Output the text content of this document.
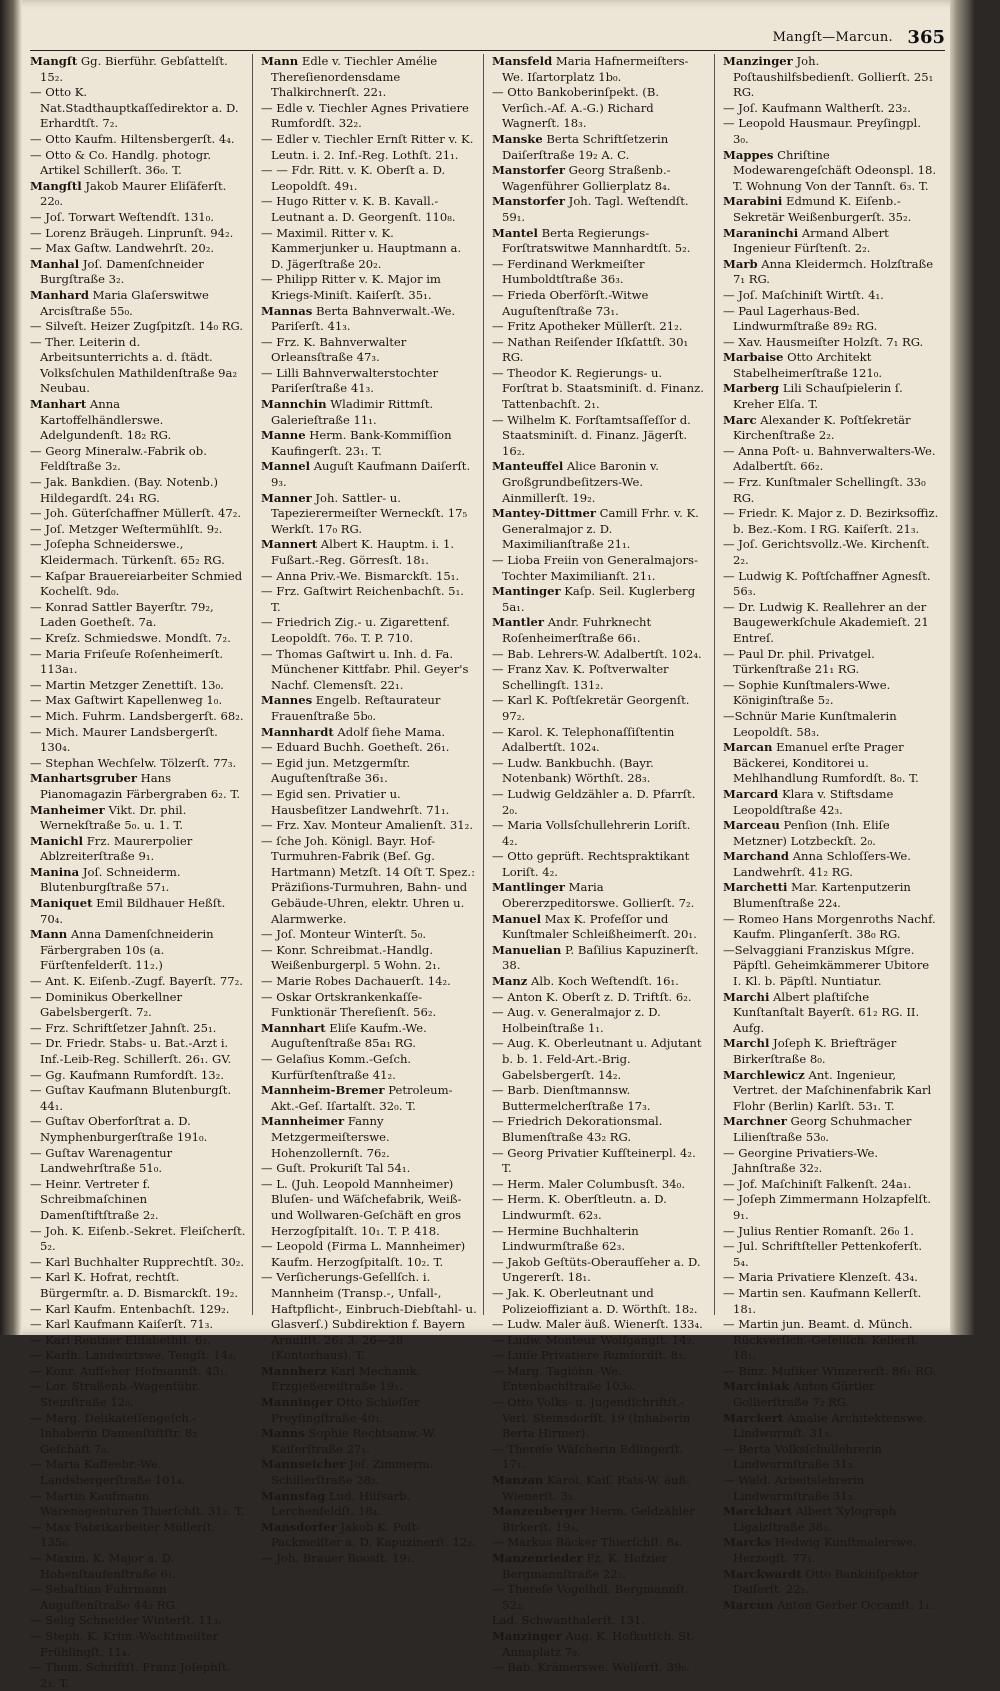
Mangſt—Marcun. 365

Mangſt Gg. Bierführ. Gebſattelſt. 15₂.

— Otto K. Nat.Stadthauptkaſſedirektor a. D. Erhardtſt. 7₂.

— Otto Kaufm. Hiltensbergerſt. 4₄.

— Otto & Co. Handlg. photogr. Artikel Schillerſt. 36₀. T.

Mangſtl Jakob Maurer Eliſäferſt. 22₀.

— Joſ. Torwart Weſtendſt. 131₀.

— Lorenz Bräugeh. Linprunſt. 94₂.

— Max Gaſtw. Landwehrſt. 20₂.

Manhal Joſ. Damenſchneider Burgſtraße 3₂.

Manhard Maria Glaſerswitwe Arcisſtraße 55₀.

— Silveſt. Heizer Zugſpitzſt. 14₀ RG.

— Ther. Leiterin d. Arbeitsunterrichts a. d. ſtädt. Volksſchulen Mathildenſtraße 9a₂ Neubau.

Manhart Anna Kartoffelhändlerswe. Adelgundenſt. 18₂ RG.

— Georg Mineralw.-Fabrik ob. Feldſtraße 3₂.

— Jak. Bankdien. (Bay. Notenb.) Hildegardſt. 24₁ RG.

— Joh. Güterſchaffner Müllerſt. 47₂.

— Joſ. Metzger Weſtermühlſt. 9₂.

— Joſepha Schneiderswe., Kleidermach. Türkenſt. 65₂ RG.

— Kaſpar Brauereiarbeiter Schmied Kochelſt. 9d₀.

— Konrad Sattler Bayerſtr. 79₂, Laden Goetheſt. 7a.

— Kreſz. Schmiedswe. Mondſt. 7₂.

— Maria Friſeuſe Roſenheimerſt. 113a₁.

— Martin Metzger Zenettiſt. 13₀.

— Max Gaſtwirt Kapellenweg 1₀.

— Mich. Fuhrm. Landsbergerſt. 68₂.

— Mich. Maurer Landsbergerſt. 130₄.

— Stephan Wechſelw. Tölzerſt. 77₃.

Manhartsgruber Hans Pianomagazin Färbergraben 6₂. T.

Manheimer Vikt. Dr. phil. Wernekſtraße 5₀. u. 1. T.

Manichl Frz. Maurerpolier Ablzreiterſtraße 9₁.

Manina Joſ. Schneiderm. Blutenburgſtraße 57₁.

Maniquet Emil Bildhauer Heßſt. 70₄.

Mann Anna Damenſchneiderin Färbergraben 10s (a. Fürſtenfelderſt. 11₂.)

— Ant. K. Eiſenb.-Zugf. Bayerſt. 77₂.

— Dominikus Oberkellner Gabelsbergerſt. 7₂.

— Frz. Schriftſetzer Jahnſt. 25₁.

— Dr. Friedr. Stabs- u. Bat.-Arzt i. Inf.-Leib-Reg. Schillerſt. 26₁. GV.

— Gg. Kaufmann Rumfordſt. 13₂.

— Guſtav Kaufmann Blutenburgſt. 44₁.

— Guſtav Oberforſtrat a. D. Nymphenburgerſtraße 191₀.

— Guſtav Warenagentur Landwehrſtraße 51₀.

— Heinr. Vertreter f. Schreibmaſchinen Damenſtiftſtraße 2₂.

— Joh. K. Eiſenb.-Sekret. Fleiſcherſt. 5₂.

— Karl Buchhalter Rupprechtſt. 30₂.

— Karl K. Hofrat, rechtſt. Bürgermſtr. a. D. Bismarckſt. 19₂.

— Karl Kaufm. Entenbachſt. 129₂.

— Karl Kaufmann Kaiſerſt. 71₃.

— Karl Rentner Eliſabethſt. 6₂.

— Karlh. Landwirtswe. Tengſt. 14₂.

— Konr. Aufſeher Hofmannſt. 43₁.

— Lor. Straßenb.-Wagenführ. Steinſtraße 12₀.

— Marg. Delikateſſengeſch.-Inhaberin Damenſtiftſtr. 8₂ Geſchäft 7₀.

— Maria Kaffeebr.-We. Landsbergerſtraße 101₄.

— Martin Kaufmann Warenagenturen Thierſchſt. 31₂. T.

— Max Fabrikarbeiter Müllerſt. 135₀.

— Maxim. K. Major a. D. Hohenſtaufenſtraße 6₁.

— Sebaſtian Fuhrmann Auguſtenſtraße 44₂ RG.

— Selig Schneider Winterſt. 11₃.

— Steph. K. Krim.-Wachtmeiſter Frühlingſt. 11₄.

— Thom. Schriftſt. Franz Joſephſt. 2₃. T.

Mann Edle v. Tiechler Amélie Thereſienordensdame Thalkirchnerſt. 22₁.

— Edle v. Tiechler Agnes Privatiere Rumfordſt. 32₂.

— Edler v. Tiechler Ernſt Ritter v. K. Leutn. i. 2. Inf.-Reg. Lothſt. 21₁.

— — Fdr. Ritt. v. K. Oberſt a. D. Leopoldſt. 49₁.

— Hugo Ritter v. K. B. Kavall.-Leutnant a. D. Georgenſt. 110₈.

— Maximil. Ritter v. K. Kammerjunker u. Hauptmann a. D. Jägerſtraße 20₂.

— Philipp Ritter v. K. Major im Kriegs-Miniſt. Kaiſerſt. 35₁.

Mannas Berta Bahnverwalt.-We. Pariſerſt. 41₃.

— Frz. K. Bahnverwalter Orleansſtraße 47₃.

— Lilli Bahnverwalterstochter Pariſerſtraße 41₃.

Mannchin Wladimir Rittmſt. Galerieſtraße 11₁.

Manne Herm. Bank-Kommiſſion Kaufingerſt. 23₁. T.

Mannel Auguſt Kaufmann Daiſerſt. 9₃.

Manner Joh. Sattler- u. Tapezierermeiſter Werneckſt. 17₅ Werkſt. 17₀ RG.

Mannert Albert K. Hauptm. i. 1. Fußart.-Reg. Görresſt. 18₁.

— Anna Priv.-We. Bismarckſt. 15₁.

— Frz. Gaſtwirt Reichenbachſt. 5₁. T.

— Friedrich Zig.- u. Zigarettenf. Leopoldſt. 76₀. T. P. 710.

— Thomas Gaſtwirt u. Inh. d. Fa. Münchener Kittfabr. Phil. Geyer's Nachf. Clemensſt. 22₁.

Mannes Engelb. Reſtaurateur Frauenſtraße 5b₀.

Mannhardt Adolf ſiehe Mama.

— Eduard Buchh. Goetheſt. 26₁.

— Egid jun. Metzgermſtr. Auguſtenſtraße 36₁.

— Egid sen. Privatier u. Hausbeſitzer Landwehrſt. 71₁.

— Frz. Xav. Monteur Amalienſt. 31₂.

— ſche Joh. Königl. Bayr. Hof-Turmuhren-Fabrik (Beſ. Gg. Hartmann) Metzſt. 14 Oſt T. Spez.: Präziſions-Turmuhren, Bahn- und Gebäude-Uhren, elektr. Uhren u. Alarmwerke.

— Joſ. Monteur Winterſt. 5₀.

— Konr. Schreibmat.-Handlg. Weißenburgerpl. 5 Wohn. 2₁.

— Marie Robes Dachauerſt. 14₂.

— Oskar Ortskrankenkaſſe-Funktionär Thereſienſt. 56₂.

Mannhart Eliſe Kaufm.-We. Auguſtenſtraße 85a₁ RG.

— Gelaſius Komm.-Geſch. Kurfürſtenſtraße 41₂.

Mannheim-Bremer Petroleum-Akt.-Geſ. Iſartalſt. 32₀. T.

Mannheimer Fanny Metzgermeiſterswe. Hohenzollernſt. 76₂.

— Guſt. Prokuriſt Tal 54₁.

— L. (Juh. Leopold Mannheimer) Bluſen- und Wäſchefabrik, Weiß- und Wollwaren-Geſchäft en gros Herzogſpitalſt. 10₁. T. P. 418.

— Leopold (Firma L. Mannheimer) Kaufm. Herzogſpitalſt. 10₂. T.

— Verſicherungs-Geſellſch. i. Mannheim (Transp.-, Unfall-, Haftpflicht-, Einbruch-Diebſtahl- u. Glasverſ.) Subdirektion f. Bayern Arnulfſt. 26₂ 3. 26—28 (Kontorhaus). T.

Mannherz Karl Mechanik. Erzgießereiſtraße 19₁.

Manninger Otto Schloſſer Preyſingſtraße 40₁.

Manns Sophie Rechtsanw.-W. Kaiſerſtraße 27₁.

Mannseicher Joſ. Zimmerm. Schillerſtraße 28₂.

Mannsfag Lud. Hilfsarb. Lerchenfeldſt. 18₄.

Mansdorfer Jakob K. Poſt-Packmeiſter a. D. Kapuzinerſt. 12₂.

— Joh. Brauer Boosſt. 19₁.

Mansfeld Maria Hafnermeiſters-We. Iſartorplatz 1b₀.

— Otto Bankoberinſpekt. (B. Verſich.-Af. A.-G.) Richard Wagnerſt. 18₃.

Manske Berta Schriftſetzerin Daiſerſtraße 19₂ A. C.

Manstorfer Georg Straßenb.-Wagenführer Gollierplatz 8₄.

Manstorfer Joh. Tagl. Weſtendſt. 59₁.

Mantel Berta Regierungs-Forſtratswitwe Mannhardtſt. 5₂.

— Ferdinand Werkmeiſter Humboldtſtraße 36₃.

— Frieda Oberförſt.-Witwe Auguſtenſtraße 73₁.

— Fritz Apotheker Müllerſt. 21₂.

— Nathan Reiſender Iſkſattſt. 30₁ RG.

— Theodor K. Regierungs- u. Forſtrat b. Staatsminiſt. d. Finanz. Tattenbachſt. 2₁.

— Wilhelm K. Forſtamtsaſſeſſor d. Staatsminiſt. d. Finanz. Jägerſt. 16₂.

Manteuffel Alice Baronin v. Großgrundbeſitzers-We. Ainmillerſt. 19₂.

Mantey-Dittmer Camill Frhr. v. K. Generalmajor z. D. Maximilianſtraße 21₁.

— Lioba Freiin von Generalmajors-Tochter Maximilianſt. 21₁.

Mantinger Kaſp. Seil. Kuglerberg 5a₁.

Mantler Andr. Fuhrknecht Roſenheimerſtraße 66₁.

— Bab. Lehrers-W. Adalbertſt. 102₄.

— Franz Xav. K. Poſtverwalter Schellingſt. 131₂.

— Karl K. Poſtſekretär Georgenſt. 97₂.

— Karol. K. Telephonaſſiſtentin Adalbertſt. 102₄.

— Ludw. Bankbuchh. (Bayr. Notenbank) Wörthſt. 28₃.

— Ludwig Geldzähler a. D. Pfarrſt. 2₀.

— Maria Vollsſchullehrerin Loriſt. 4₂.

— Otto geprüft. Rechtspraktikant Loriſt. 4₂.

Mantlinger Maria Obererzpeditorswe. Gollierſt. 7₂.

Manuel Max K. Profeſſor und Kunſtmaler Schleißheimerſt. 20₁.

Manuelian P. Baſilius Kapuzinerſt. 38.

Manz Alb. Koch Weſtendſt. 16₁.

— Anton K. Oberſt z. D. Triftſt. 6₂.

— Aug. v. Generalmajor z. D. Holbeinſtraße 1₁.

— Aug. K. Oberleutnant u. Adjutant b. b. 1. Feld-Art.-Brig. Gabelsbergerſt. 14₂.

— Barb. Dienſtmannsw. Buttermelcherſtraße 17₃.

— Friedrich Dekorationsmal. Blumenſtraße 43₂ RG.

— Georg Privatier Kufſteinerpl. 4₂. T.

— Herm. Maler Columbusſt. 34₀.

— Herm. K. Oberſtleutn. a. D. Lindwurmſt. 62₃.

— Hermine Buchhalterin Lindwurmſtraße 62₃.

— Jakob Geſtüts-Oberaufſeher a. D. Ungererſt. 18₁.

— Jak. K. Oberleutnant und Polizeioffiziant a. D. Wörthſt. 18₂.

— Ludw. Maler äuß. Wienerſt. 133₄.

— Ludw. Monteur Wolfgangſt. 14₂.

— Luiſe Privatiere Rumfordſt. 8₃.

— Marg. Taglöhn.-We. Entenbachſtraße 103₀.

— Otto Volks- u. Jugendſchriftſt.-Verl. Steinsdorfſt. 19 (Inhaberin Berta Hirmer).

— Thereſe Wäſcherin Edlingerſt. 17₁.

Manzan Karol. Kaiſ. Rats-W. äuß. Wienerſt. 3₃.

Manzenberger Herm. Geldzähler Birkerſt. 19₃.

— Markus Bäcker Thierſchſt. 8₄.

Manzenrieder Fz. K. Hofzier Bergmannſtraße 22₂.

— Thereſe Vogelhdl. Bergmannſt. 52₂.

Lad. Schwanthalerſt. 131.

Manzinger Aug. K. Hofkutſch. St. Annaplatz 7₀.

— Bab. Krämerswe. Welſerſt. 39₀.

Manzinger Joh. Poſtaushilfsbedienſt. Gollierſt. 25₁ RG.

— Joſ. Kaufmann Waltherſt. 23₂.

— Leopold Hausmaur. Preyſingpl. 3₀.

Mappes Chriſtine Modewarengeſchäft Odeonspl. 18. T. Wohnung Von der Tannſt. 6₃. T.

Marabini Edmund K. Eiſenb.-Sekretär Weißenburgerſt. 35₂.

Maraninchi Armand Albert Ingenieur Fürſtenſt. 2₂.

Marb Anna Kleidermch. Holzſtraße 7₁ RG.

— Joſ. Maſchiniſt Wirtſt. 4₁.

— Paul Lagerhaus-Bed. Lindwurmſtraße 89₂ RG.

— Xav. Hausmeiſter Holzſt. 7₁ RG.

Marbaise Otto Architekt Stabelheimerſtraße 121₀.

Marberg Lili Schauſpielerin ſ. Kreher Elſa. T.

Marc Alexander K. Poſtſekretär Kirchenſtraße 2₂.

— Anna Poſt- u. Bahnverwalters-We. Adalbertſt. 66₂.

— Frz. Kunſtmaler Schellingſt. 33₀ RG.

— Friedr. K. Major z. D. Bezirksoffiz. b. Bez.-Kom. I RG. Kaiſerſt. 21₃.

— Joſ. Gerichtsvollz.-We. Kirchenſt. 2₂.

— Ludwig K. Poſtſchaffner Agnesſt. 56₃.

— Dr. Ludwig K. Reallehrer an der Baugewerkſchule Akademieſt. 21 Entreſ.

— Paul Dr. phil. Privatgel. Türkenſtraße 21₁ RG.

— Sophie Kunſtmalers-Wwe. Königinſtraße 5₂.

—Schnür Marie Kunſtmalerin Leopoldſt. 58₃.

Marcan Emanuel erſte Prager Bäckerei, Konditorei u. Mehlhandlung Rumfordſt. 8₀. T.

Marcard Klara v. Stiftsdame Leopoldſtraße 42₃.

Marceau Penſion (Inh. Eliſe Metzner) Lotzbeckſt. 2₀.

Marchand Anna Schloſſers-We. Landwehrſt. 41₂ RG.

Marchetti Mar. Kartenputzerin Blumenſtraße 22₄.

— Romeo Hans Morgenroths Nachf. Kaufm. Plinganſerſt. 38₀ RG.

—Selvaggiani Franziskus Mſgre. Päpſtl. Geheimkämmerer Ubitore I. Kl. b. Päpſtl. Nuntiatur.

Marchi Albert plaſtiſche Kunſtanſtalt Bayerſt. 61₂ RG. II. Aufg.

Marchl Joſeph K. Briefträger Birkerſtraße 8₀.

Marchlewicz Ant. Ingenieur, Vertret. der Maſchinenfabrik Karl Flohr (Berlin) Karlſt. 53₁. T.

Marchner Georg Schuhmacher Lilienſtraße 53₀.

— Georgine Privatiers-We. Jahnſtraße 32₂.

— Jof. Maſchiniſt Falkenſt. 24a₁.

— Joſeph Zimmermann Holzapfelſt. 9₁.

— Julius Rentier Romanſt. 26₀ 1.

— Jul. Schriftſteller Pettenkoferſt. 5₄.

— Maria Privatiere Klenzeſt. 43₄.

— Martin sen. Kaufmann Kellerſt. 18₁.

— Martin jun. Beamt. d. Münch. Rückverſich.-Geſellſch. Kellerſt. 18₁.

— Binz. Muſiker Winzererſt. 86₁ RG.

Marciniak Anton Gürtler Gollierſtraße 7₂ RG.

Marckert Amalie Architektenswe. Lindwurmſt. 31₃.

— Berta Volksſchullehrerin Lindwurmſtraße 31₃.

— Wald. Arbeitslehrerin Lindwurmſtraße 31₃.

Marckhart Albert Xylograph Ligalzſtraße 38₂.

Marcks Hedwig Kunſtmalerswe. Herzogſt. 77₁.

Marckwardt Otto Bankinſpektor Daiſerſt. 22₂.

Marcun Anton Gerber Occamſt. 1₁.
